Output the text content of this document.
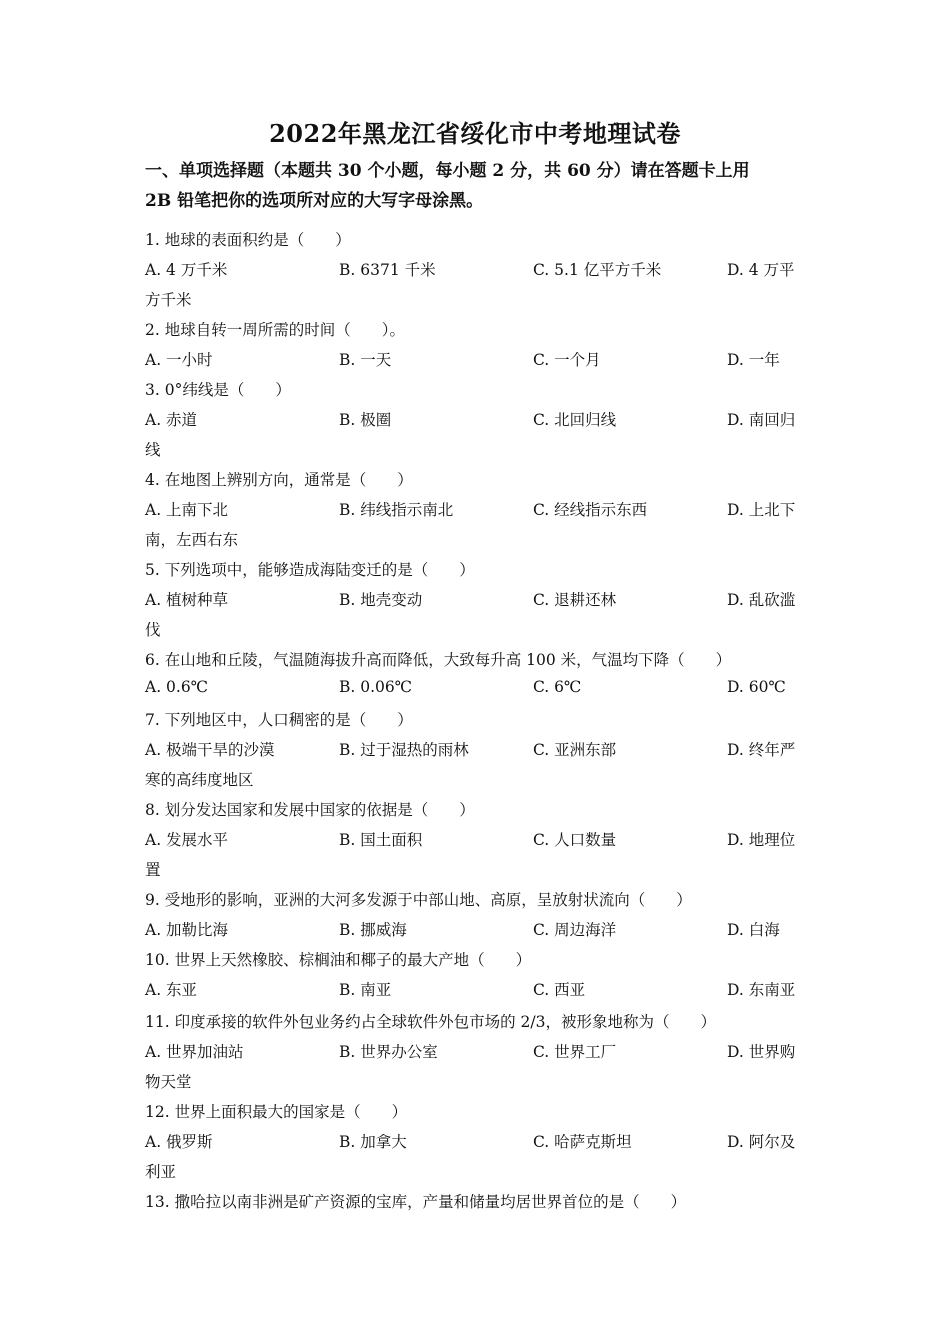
2022年黑龙江省绥化市中考地理试卷
一、单项选择题（本题共 30 个小题，每小题 2 分，共 60 分）请在答题卡上用
2B 铅笔把你的选项所对应的大写字母涂黑。
1. 地球的表面积约是（　　）
A. 4 万千米	B. 6371 千米	C. 5.1 亿平方千米	D. 4 万平
方千米
2. 地球自转一周所需的时间（　　）。
A. 一小时	B. 一天	C. 一个月	D. 一年
3. 0°纬线是（　　）
A. 赤道	B. 极圈	C. 北回归线	D. 南回归
线
4. 在地图上辨别方向，通常是（　　）
A. 上南下北	B. 纬线指示南北	C. 经线指示东西	D. 上北下
南，左西右东
5. 下列选项中，能够造成海陆变迁的是（　　）
A. 植树种草	B. 地壳变动	C. 退耕还林	D. 乱砍滥
伐
6. 在山地和丘陵，气温随海拔升高而降低，大致每升高 100 米，气温均下降（　　）
A. 0.6℃	B. 0.06℃	C. 6℃	D. 60℃
7. 下列地区中，人口稠密的是（　　）
A. 极端干旱的沙漠	B. 过于湿热的雨林	C. 亚洲东部	D. 终年严
寒的高纬度地区
8. 划分发达国家和发展中国家的依据是（　　）
A. 发展水平	B. 国土面积	C. 人口数量	D. 地理位
置
9. 受地形的影响，亚洲的大河多发源于中部山地、高原，呈放射状流向（　　）
A. 加勒比海	B. 挪威海	C. 周边海洋	D. 白海
10. 世界上天然橡胶、棕榈油和椰子的最大产地（　　）
A. 东亚	B. 南亚	C. 西亚	D. 东南亚
11. 印度承接的软件外包业务约占全球软件外包市场的 2/3，被形象地称为（　　）
A. 世界加油站	B. 世界办公室	C. 世界工厂	D. 世界购
物天堂
12. 世界上面积最大的国家是（　　）
A. 俄罗斯	B. 加拿大	C. 哈萨克斯坦	D. 阿尔及
利亚
13. 撒哈拉以南非洲是矿产资源的宝库，产量和储量均居世界首位的是（　　）
